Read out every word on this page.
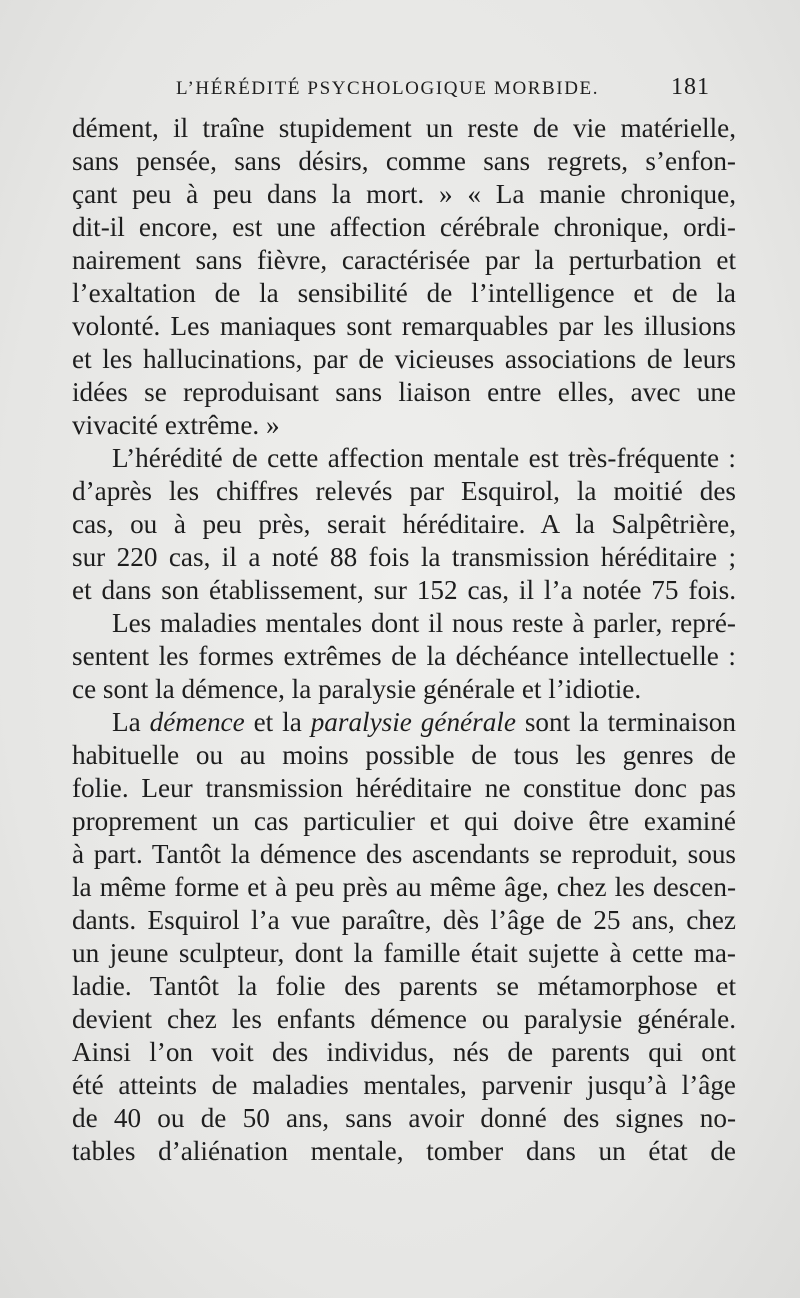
L’HÉRÉDITÉ PSYCHOLOGIQUE MORBIDE.	181
dément, il traîne stupidement un reste de vie matérielle,
sans pensée, sans désirs, comme sans regrets, s’enfon-
çant peu à peu dans la mort. » « La manie chronique,
dit-il encore, est une affection cérébrale chronique, ordi-
nairement sans fièvre, caractérisée par la perturbation et
l’exaltation de la sensibilité de l’intelligence et de la
volonté. Les maniaques sont remarquables par les illusions
et les hallucinations, par de vicieuses associations de leurs
idées se reproduisant sans liaison entre elles, avec une
vivacité extrême. »
L’hérédité de cette affection mentale est très-fréquente :
d’après les chiffres relevés par Esquirol, la moitié des
cas, ou à peu près, serait héréditaire. A la Salpêtrière,
sur 220 cas, il a noté 88 fois la transmission héréditaire ;
et dans son établissement, sur 152 cas, il l’a notée 75 fois.
Les maladies mentales dont il nous reste à parler, repré-
sentent les formes extrêmes de la déchéance intellectuelle :
ce sont la démence, la paralysie générale et l’idiotie.
La démence et la paralysie générale sont la terminaison
habituelle ou au moins possible de tous les genres de
folie. Leur transmission héréditaire ne constitue donc pas
proprement un cas particulier et qui doive être examiné
à part. Tantôt la démence des ascendants se reproduit, sous
la même forme et à peu près au même âge, chez les descen-
dants. Esquirol l’a vue paraître, dès l’âge de 25 ans, chez
un jeune sculpteur, dont la famille était sujette à cette ma-
ladie. Tantôt la folie des parents se métamorphose et
devient chez les enfants démence ou paralysie générale.
Ainsi l’on voit des individus, nés de parents qui ont
été atteints de maladies mentales, parvenir jusqu’à l’âge
de 40 ou de 50 ans, sans avoir donné des signes no-
tables d’aliénation mentale, tomber dans un état de
